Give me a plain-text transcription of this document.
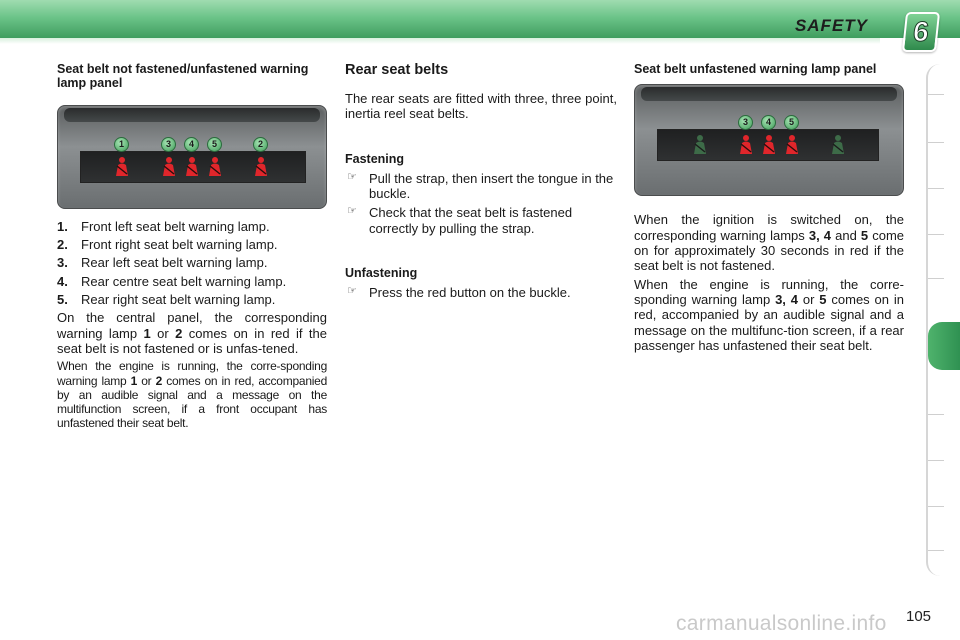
SAFETY 6
Seat belt not fastened/unfastened warning lamp panel
1	3	4	5	2
1. Front left seat belt warning lamp.
2. Front right seat belt warning lamp.
3. Rear left seat belt warning lamp.
4. Rear centre seat belt warning lamp.
5. Rear right seat belt warning lamp.

On the central panel, the corresponding warning lamp 1 or 2 comes on in red if the seat belt is not fastened or is unfas-tened.

When the engine is running, the corre-sponding warning lamp 1 or 2 comes on in red, accompanied by an audible signal and a message on the multifunction screen, if a front occupant has unfastened their seat belt.

Rear seat belts

The rear seats are fitted with three, three point, inertia reel seat belts.

Fastening
☞ Pull the strap, then insert the tongue in the buckle.
☞ Check that the seat belt is fastened correctly by pulling the strap.
Unfastening
☞ Press the red button on the buckle.
Seat belt unfastened warning lamp panel
3	4	5

When the ignition is switched on, the corresponding warning lamps 3, 4 and 5 come on for approximately 30 seconds in red if the seat belt is not fastened.

When the engine is running, the corre-sponding warning lamp 3, 4 or 5 comes on in red, accompanied by an audible signal and a message on the multifunc-tion screen, if a rear passenger has unfastened their seat belt.

105
carmanualsonline.info
